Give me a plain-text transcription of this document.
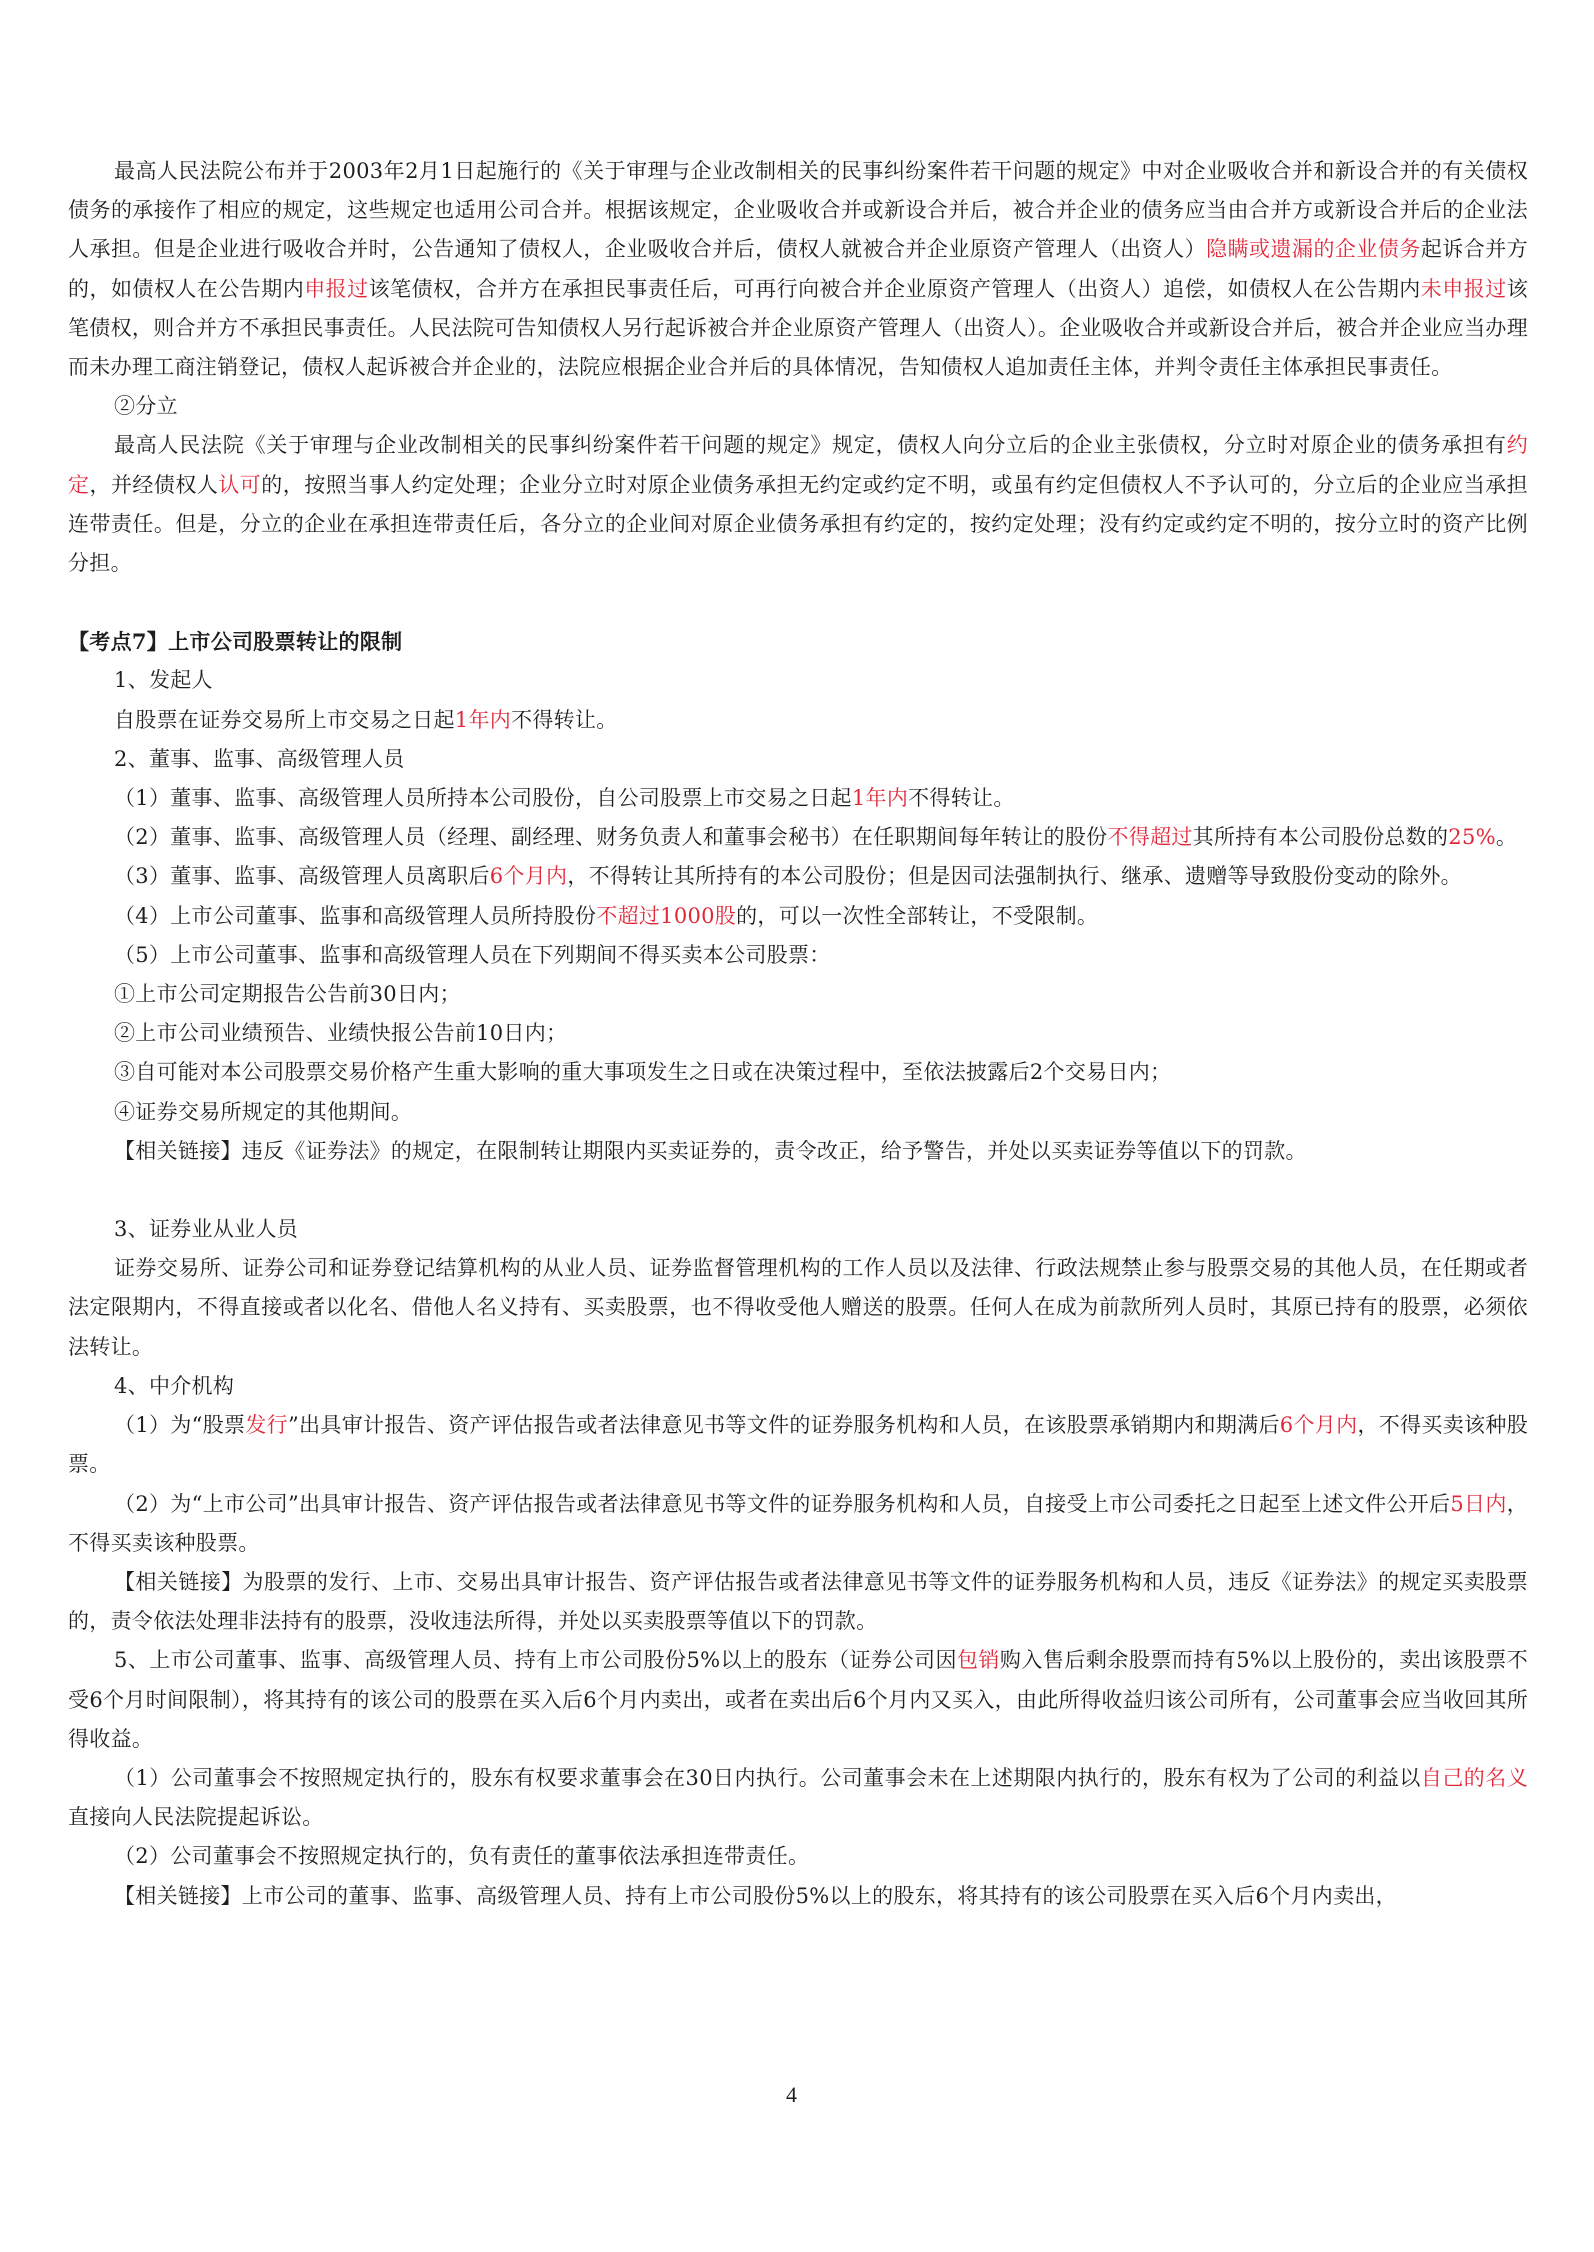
最高人民法院公布并于2003年2月1日起施行的《关于审理与企业改制相关的民事纠纷案件若干问题的规定》中对企业吸收合并和新设合并的有关债权债务的承接作了相应的规定，这些规定也适用公司合并。根据该规定，企业吸收合并或新设合并后，被合并企业的债务应当由合并方或新设合并后的企业法人承担。但是企业进行吸收合并时，公告通知了债权人，企业吸收合并后，债权人就被合并企业原资产管理人（出资人）隐瞒或遗漏的企业债务起诉合并方的，如债权人在公告期内申报过该笔债权，合并方在承担民事责任后，可再行向被合并企业原资产管理人（出资人）追偿，如债权人在公告期内未申报过该笔债权，则合并方不承担民事责任。人民法院可告知债权人另行起诉被合并企业原资产管理人（出资人）。企业吸收合并或新设合并后，被合并企业应当办理而未办理工商注销登记，债权人起诉被合并企业的，法院应根据企业合并后的具体情况，告知债权人追加责任主体，并判令责任主体承担民事责任。

②分立

最高人民法院《关于审理与企业改制相关的民事纠纷案件若干问题的规定》规定，债权人向分立后的企业主张债权，分立时对原企业的债务承担有约定，并经债权人认可的，按照当事人约定处理；企业分立时对原企业债务承担无约定或约定不明，或虽有约定但债权人不予认可的，分立后的企业应当承担连带责任。但是，分立的企业在承担连带责任后，各分立的企业间对原企业债务承担有约定的，按约定处理；没有约定或约定不明的，按分立时的资产比例分担。

【考点7】上市公司股票转让的限制

1、发起人

自股票在证券交易所上市交易之日起1年内不得转让。

2、董事、监事、高级管理人员

（1）董事、监事、高级管理人员所持本公司股份，自公司股票上市交易之日起1年内不得转让。

（2）董事、监事、高级管理人员（经理、副经理、财务负责人和董事会秘书）在任职期间每年转让的股份不得超过其所持有本公司股份总数的25%。

（3）董事、监事、高级管理人员离职后6个月内，不得转让其所持有的本公司股份；但是因司法强制执行、继承、遗赠等导致股份变动的除外。

（4）上市公司董事、监事和高级管理人员所持股份不超过1000股的，可以一次性全部转让，不受限制。

（5）上市公司董事、监事和高级管理人员在下列期间不得买卖本公司股票：

①上市公司定期报告公告前30日内；

②上市公司业绩预告、业绩快报公告前10日内；

③自可能对本公司股票交易价格产生重大影响的重大事项发生之日或在决策过程中，至依法披露后2个交易日内；

④证券交易所规定的其他期间。

【相关链接】违反《证券法》的规定，在限制转让期限内买卖证券的，责令改正，给予警告，并处以买卖证券等值以下的罚款。

3、证券业从业人员

证券交易所、证券公司和证券登记结算机构的从业人员、证券监督管理机构的工作人员以及法律、行政法规禁止参与股票交易的其他人员，在任期或者法定限期内，不得直接或者以化名、借他人名义持有、买卖股票，也不得收受他人赠送的股票。任何人在成为前款所列人员时，其原已持有的股票，必须依法转让。

4、中介机构

（1）为“股票发行”出具审计报告、资产评估报告或者法律意见书等文件的证券服务机构和人员，在该股票承销期内和期满后6个月内，不得买卖该种股票。

（2）为“上市公司”出具审计报告、资产评估报告或者法律意见书等文件的证券服务机构和人员，自接受上市公司委托之日起至上述文件公开后5日内，不得买卖该种股票。

【相关链接】为股票的发行、上市、交易出具审计报告、资产评估报告或者法律意见书等文件的证券服务机构和人员，违反《证券法》的规定买卖股票的，责令依法处理非法持有的股票，没收违法所得，并处以买卖股票等值以下的罚款。

5、上市公司董事、监事、高级管理人员、持有上市公司股份5%以上的股东（证券公司因包销购入售后剩余股票而持有5%以上股份的，卖出该股票不受6个月时间限制），将其持有的该公司的股票在买入后6个月内卖出，或者在卖出后6个月内又买入，由此所得收益归该公司所有，公司董事会应当收回其所得收益。

（1）公司董事会不按照规定执行的，股东有权要求董事会在30日内执行。公司董事会未在上述期限内执行的，股东有权为了公司的利益以自己的名义直接向人民法院提起诉讼。

（2）公司董事会不按照规定执行的，负有责任的董事依法承担连带责任。

【相关链接】上市公司的董事、监事、高级管理人员、持有上市公司股份5%以上的股东，将其持有的该公司股票在买入后6个月内卖出，

4
